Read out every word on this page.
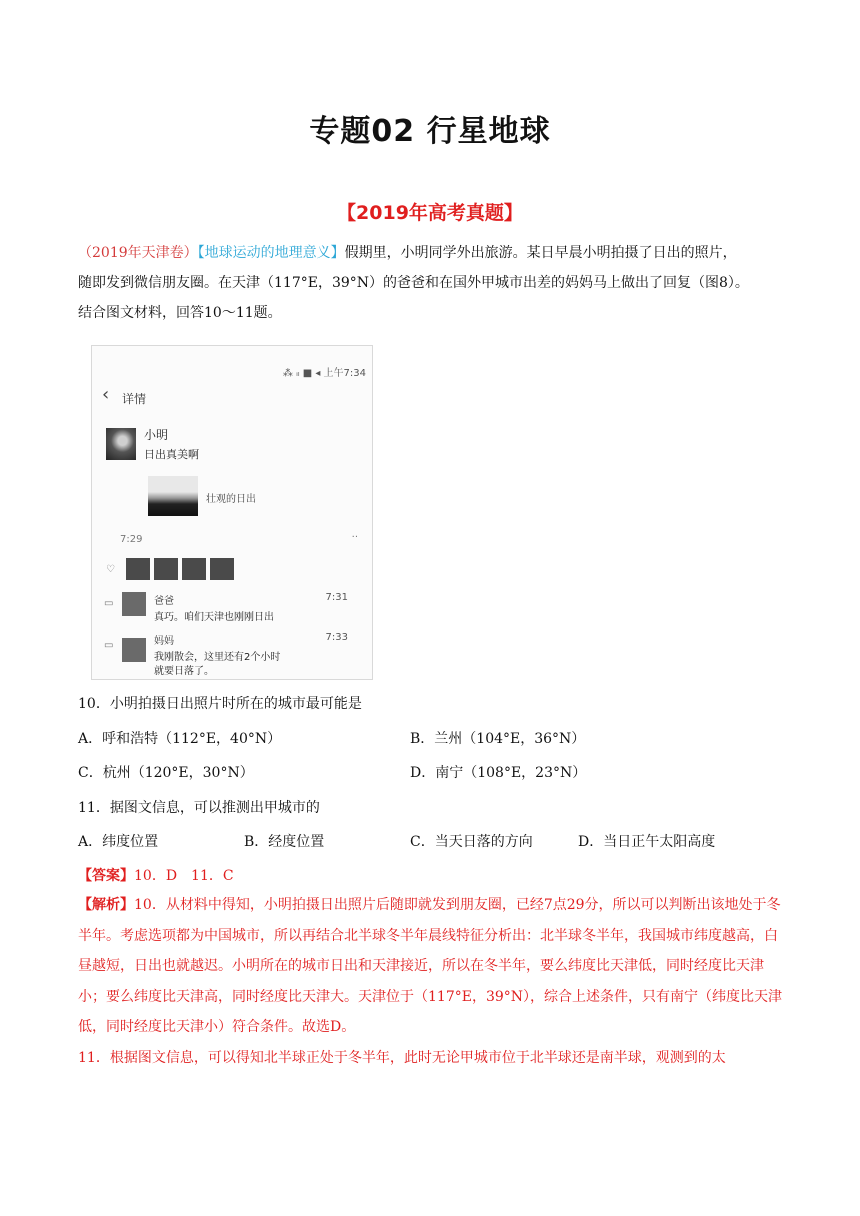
专题02 行星地球
【2019年高考真题】
（2019年天津卷）【地球运动的地理意义】假期里，小明同学外出旅游。某日早晨小明拍摄了日出的照片，
随即发到微信朋友圈。在天津（117°E，39°N）的爸爸和在国外甲城市出差的妈妈马上做出了回复（图8）。
结合图文材料，回答10～11题。
⁂ ᵢₗ ■ ◂ 上午7:34
‹ 详情
小明
日出真美啊
壮观的日出
7:29	··
♡
▭	爸爸
真巧。咱们天津也刚刚日出
7:31
▭	妈妈
我刚散会，这里还有2个小时
就要日落了。
7:33
10．小明拍摄日出照片时所在的城市最可能是
A．呼和浩特（112°E，40°N）	B．兰州（104°E，36°N）
C．杭州（120°E，30°N）	D．南宁（108°E，23°N）
11．据图文信息，可以推测出甲城市的
A．纬度位置	B．经度位置	C．当天日落的方向	D．当日正午太阳高度
【答案】10．D　11．C
【解析】10．从材料中得知，小明拍摄日出照片后随即就发到朋友圈，已经7点29分，所以可以判断出该地处于冬半年。考虑选项都为中国城市，所以再结合北半球冬半年晨线特征分析出：北半球冬半年，我国城市纬度越高，白昼越短，日出也就越迟。小明所在的城市日出和天津接近，所以在冬半年，要么纬度比天津低，同时经度比天津小；要么纬度比天津高，同时经度比天津大。天津位于（117°E，39°N），综合上述条件，只有南宁（纬度比天津低，同时经度比天津小）符合条件。故选D。
11．根据图文信息，可以得知北半球正处于冬半年，此时无论甲城市位于北半球还是南半球，观测到的太
